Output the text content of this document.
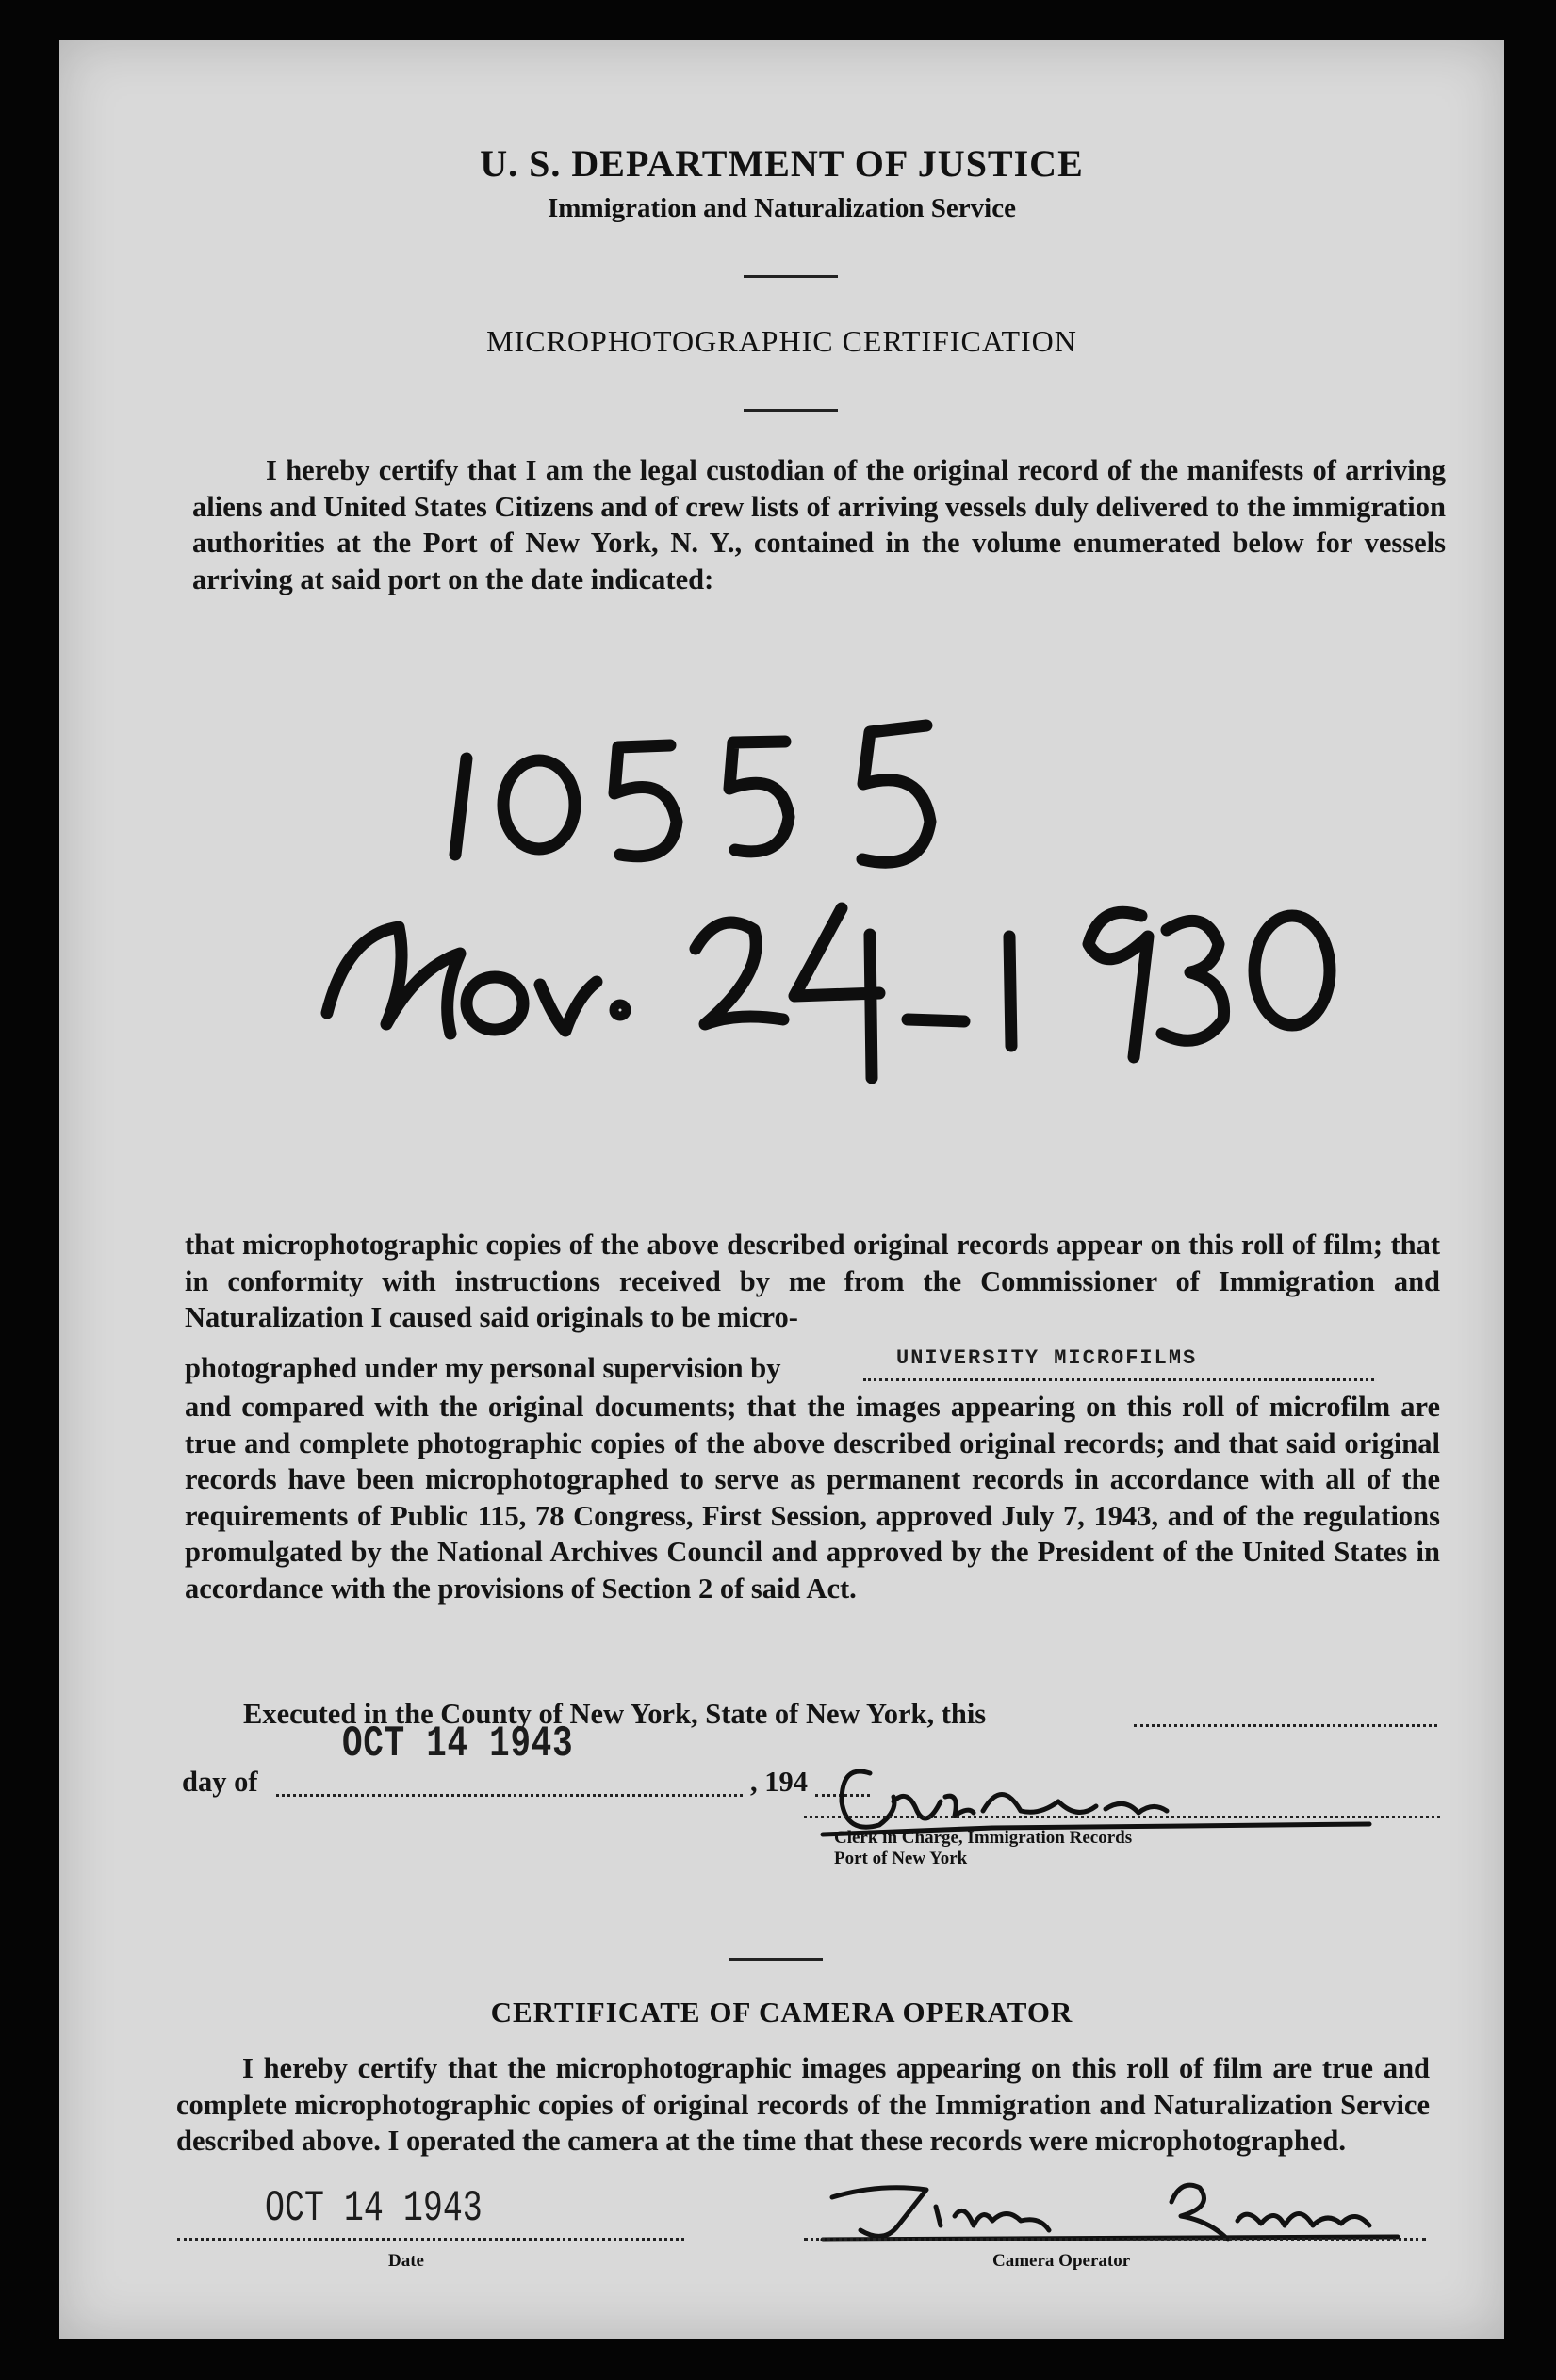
U. S. DEPARTMENT OF JUSTICE
Immigration and Naturalization Service
MICROPHOTOGRAPHIC CERTIFICATION

I hereby certify that I am the legal custodian of the original record of the manifests of arriving aliens and United States Citizens and of crew lists of arriving vessels duly delivered to the immigration authorities at the Port of New York, N. Y., contained in the volume enumerated below for vessels arriving at said port on the date indicated:

that microphotographic copies of the above described original records appear on this roll of film; that in conformity with instructions received by me from the Commissioner of Immigration and Naturalization I caused said originals to be micro-

photographed under my personal supervision by	UNIVERSITY MICROFILMS

and compared with the original documents; that the images appearing on this roll of microfilm are true and complete photographic copies of the above described original records; and that said original records have been microphotographed to serve as permanent records in accordance with all of the requirements of Public 115, 78 Congress, First Session, approved July 7, 1943, and of the regulations promulgated by the National Archives Council and approved by the President of the United States in accordance with the provisions of Section 2 of said Act.

Executed in the County of New York, State of New York, this
OCT 14 1943
day of	, 194
Clerk in Charge, Immigration Records
Port of New York
CERTIFICATE OF CAMERA OPERATOR

I hereby certify that the microphotographic images appearing on this roll of film are true and complete microphotographic copies of original records of the Immigration and Naturalization Service described above. I operated the camera at the time that these records were microphotographed.

OCT 14 1943
Date	Camera Operator
